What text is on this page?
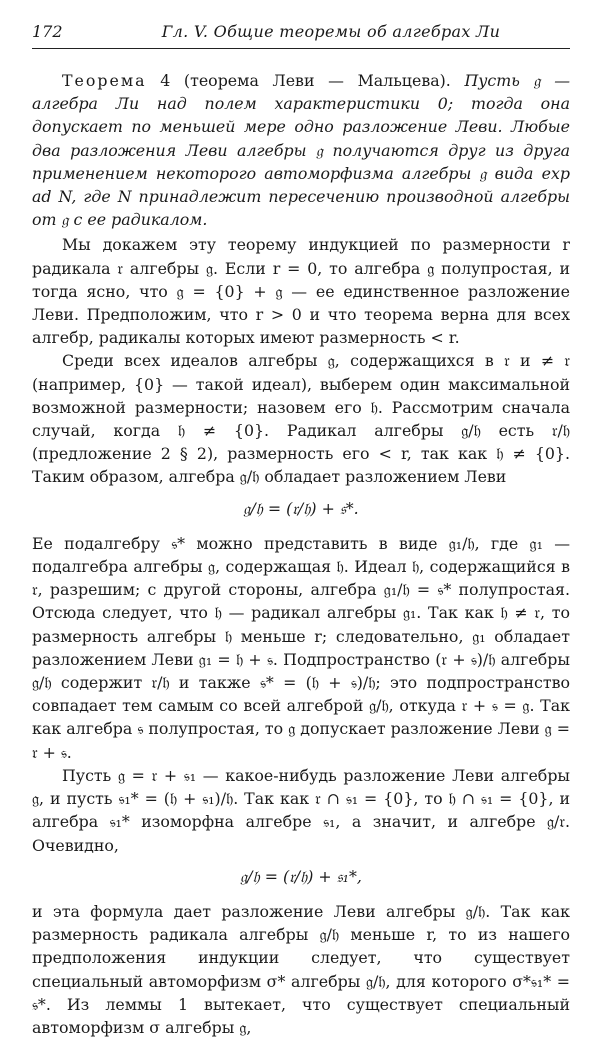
172	Гл. V. Общие теоремы об алгебрах Ли

Теорема 4 (теорема Леви — Мальцева). Пусть 𝔤 — алгебра Ли над полем характеристики 0; тогда она допускает по меньшей мере одно разложение Леви. Любые два разложения Леви алгебры 𝔤 получаются друг из друга применением некоторого автоморфизма алгебры 𝔤 вида exp ad N, где N принадлежит пересечению производной алгебры от 𝔤 с ее радикалом.

Мы докажем эту теорему индукцией по размерности r радикала 𝔯 алгебры 𝔤. Если r = 0, то алгебра 𝔤 полупростая, и тогда ясно, что 𝔤 = {0} + 𝔤 — ее единственное разложение Леви. Предположим, что r > 0 и что теорема верна для всех алгебр, радикалы которых имеют размерность < r.

Среди всех идеалов алгебры 𝔤, содержащихся в 𝔯 и ≠ 𝔯 (например, {0} — такой идеал), выберем один максимальной возможной размерности; назовем его 𝔥. Рассмотрим сначала случай, когда 𝔥 ≠ {0}. Радикал алгебры 𝔤/𝔥 есть 𝔯/𝔥 (предложение 2 § 2), размерность его < r, так как 𝔥 ≠ {0}. Таким образом, алгебра 𝔤/𝔥 обладает разложением Леви

𝔤/𝔥 = (𝔯/𝔥) + 𝔰*.

Ее подалгебру 𝔰* можно представить в виде 𝔤₁/𝔥, где 𝔤₁ — подалгебра алгебры 𝔤, содержащая 𝔥. Идеал 𝔥, содержащийся в 𝔯, разрешим; с другой стороны, алгебра 𝔤₁/𝔥 = 𝔰* полупростая. Отсюда следует, что 𝔥 — радикал алгебры 𝔤₁. Так как 𝔥 ≠ 𝔯, то размерность алгебры 𝔥 меньше r; следовательно, 𝔤₁ обладает разложением Леви 𝔤₁ = 𝔥 + 𝔰. Подпространство (𝔯 + 𝔰)/𝔥 алгебры 𝔤/𝔥 содержит 𝔯/𝔥 и также 𝔰* = (𝔥 + 𝔰)/𝔥; это подпространство совпадает тем самым со всей алгеброй 𝔤/𝔥, откуда 𝔯 + 𝔰 = 𝔤. Так как алгебра 𝔰 полупростая, то 𝔤 допускает разложение Леви 𝔤 = 𝔯 + 𝔰.

Пусть 𝔤 = 𝔯 + 𝔰₁ — какое-нибудь разложение Леви алгебры 𝔤, и пусть 𝔰₁* = (𝔥 + 𝔰₁)/𝔥. Так как 𝔯 ∩ 𝔰₁ = {0}, то 𝔥 ∩ 𝔰₁ = {0}, и алгебра 𝔰₁* изоморфна алгебре 𝔰₁, а значит, и алгебре 𝔤/𝔯. Очевидно,

𝔤/𝔥 = (𝔯/𝔥) + 𝔰₁*,

и эта формула дает разложение Леви алгебры 𝔤/𝔥. Так как размерность радикала алгебры 𝔤/𝔥 меньше r, то из нашего предположения индукции следует, что существует специальный автоморфизм σ* алгебры 𝔤/𝔥, для которого σ*𝔰₁* = 𝔰*. Из леммы 1 вытекает, что существует специальный автоморфизм σ алгебры 𝔤,
